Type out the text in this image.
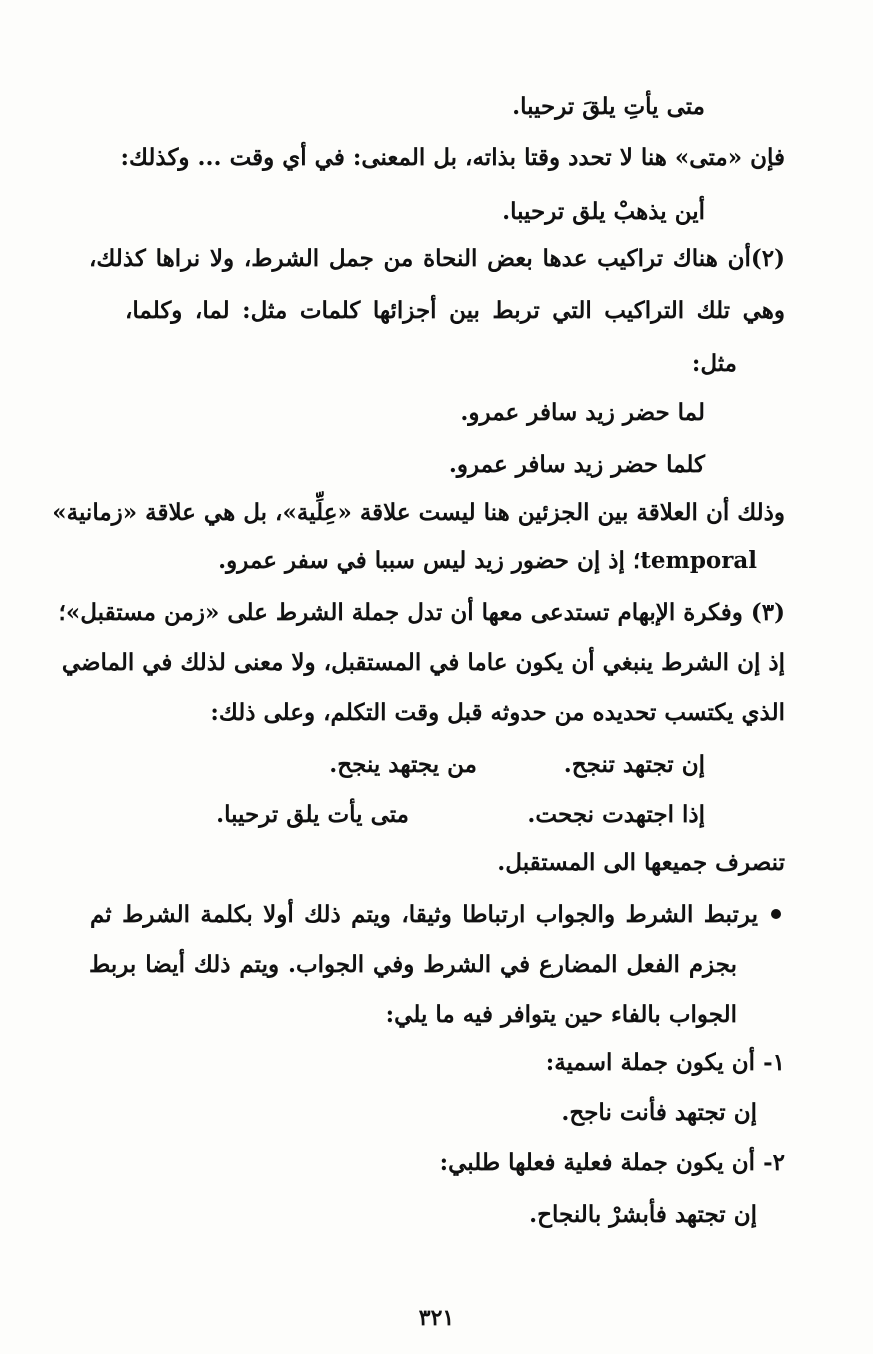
متى يأتِ يلقَ ترحيبا.
فإن «متى» هنا لا تحدد وقتا بذاته، بل المعنى: في أي وقت ... وكذلك:
أين يذهبْ يلق ترحيبا.
(٢)أن هناك تراكيب عدها بعض النحاة من جمل الشرط، ولا نراها كذلك،
وهي تلك التراكيب التي تربط بين أجزائها كلمات مثل: لما، وكلما،
مثل:
لما حضر زيد سافر عمرو.
كلما حضر زيد سافر عمرو.
وذلك أن العلاقة بين الجزئين هنا ليست علاقة «عِلِّية»، بل هي علاقة «زمانية»
temporal؛ إذ إن حضور زيد ليس سببا في سفر عمرو.
(٣) وفكرة الإبهام تستدعى معها أن تدل جملة الشرط على «زمن مستقبل»؛
إذ إن الشرط ينبغي أن يكون عاما في المستقبل، ولا معنى لذلك في الماضي
الذي يكتسب تحديده من حدوثه قبل وقت التكلم، وعلى ذلك:
إن تجتهد تنجح.
من يجتهد ينجح.
إذا اجتهدت نجحت.
متى يأت يلق ترحيبا.
تنصرف جميعها الى المستقبل.
يرتبط الشرط والجواب ارتباطا وثيقا، ويتم ذلك أولا بكلمة الشرط ثم
بجزم الفعل المضارع في الشرط وفي الجواب. ويتم ذلك أيضا بربط
الجواب بالفاء حين يتوافر فيه ما يلي:
١- أن يكون جملة اسمية:
إن تجتهد فأنت ناجح.
٢- أن يكون جملة فعلية فعلها طلبي:
إن تجتهد فأبشرْ بالنجاح.
٣٢١
